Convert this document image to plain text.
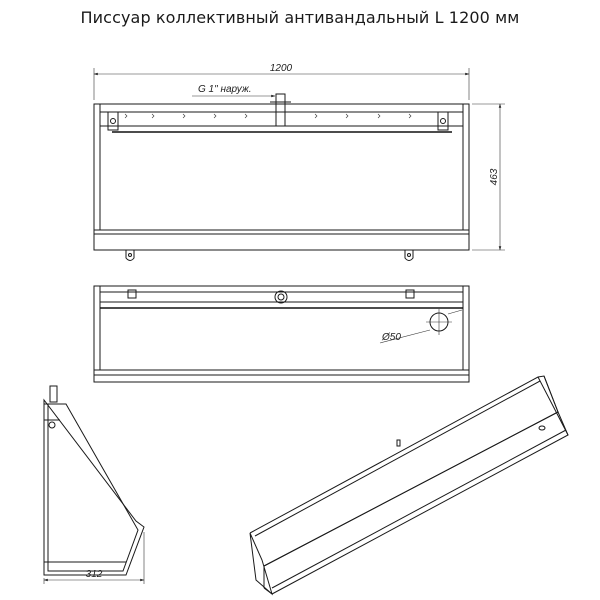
Писсуар коллективный антивандальный L 1200 мм
1200
G 1" наруж.
463
Ø50
312
